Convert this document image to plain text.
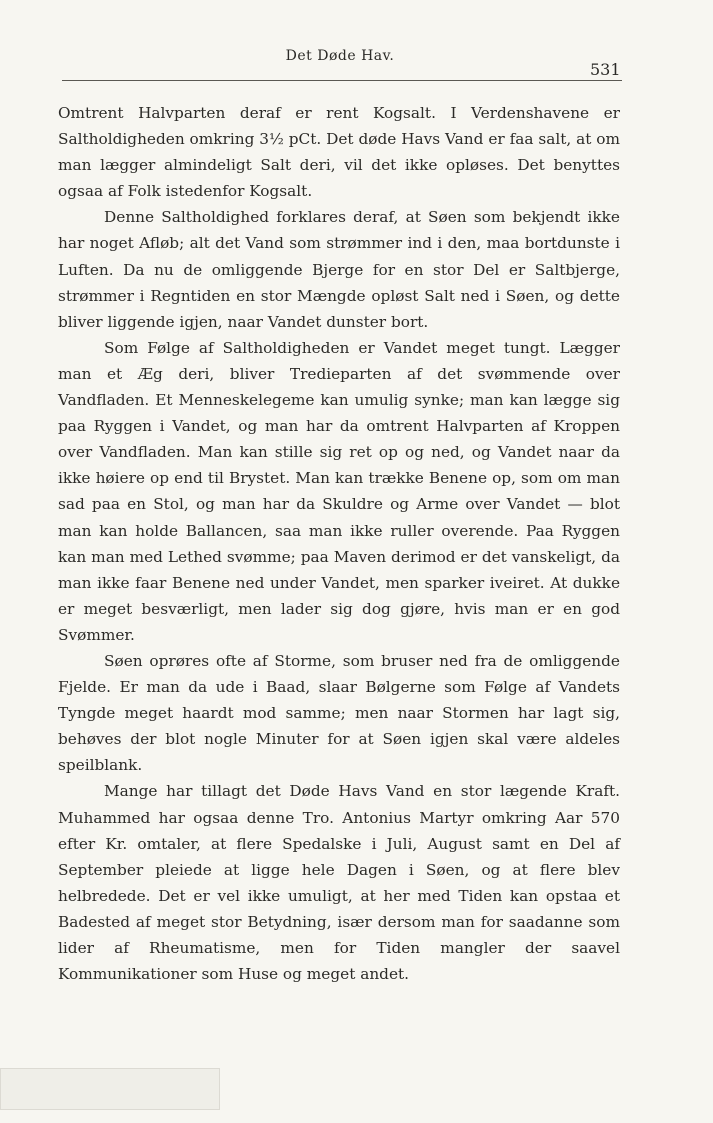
Det Døde Hav.
531

Omtrent Halvparten deraf er rent Kogsalt. I Verdenshavene er Saltholdigheden omkring 3½ pCt. Det døde Havs Vand er faa salt, at om man lægger almindeligt Salt deri, vil det ikke opløses. Det benyttes ogsaa af Folk istedenfor Kogsalt.

Denne Saltholdighed forklares deraf, at Søen som bekjendt ikke har noget Afløb; alt det Vand som strømmer ind i den, maa bortdunste i Luften. Da nu de omliggende Bjerge for en stor Del er Saltbjerge, strømmer i Regntiden en stor Mængde opløst Salt ned i Søen, og dette bliver liggende igjen, naar Vandet dunster bort.

Som Følge af Saltholdigheden er Vandet meget tungt. Lægger man et Æg deri, bliver Tredieparten af det svømmende over Vandfladen. Et Menneskelegeme kan umulig synke; man kan lægge sig paa Ryggen i Vandet, og man har da omtrent Halvparten af Kroppen over Vandfladen. Man kan stille sig ret op og ned, og Vandet naar da ikke høiere op end til Brystet. Man kan trække Benene op, som om man sad paa en Stol, og man har da Skuldre og Arme over Vandet — blot man kan holde Ballancen, saa man ikke ruller overende. Paa Ryggen kan man med Lethed svømme; paa Maven derimod er det vanskeligt, da man ikke faar Benene ned under Vandet, men sparker iveiret. At dukke er meget besværligt, men lader sig dog gjøre, hvis man er en god Svømmer.

Søen oprøres ofte af Storme, som bruser ned fra de omliggende Fjelde. Er man da ude i Baad, slaar Bølgerne som Følge af Vandets Tyngde meget haardt mod samme; men naar Stormen har lagt sig, behøves der blot nogle Minuter for at Søen igjen skal være aldeles speilblank.

Mange har tillagt det Døde Havs Vand en stor lægende Kraft. Muhammed har ogsaa denne Tro. Antonius Martyr omkring Aar 570 efter Kr. omtaler, at flere Spedalske i Juli, August samt en Del af September pleiede at ligge hele Dagen i Søen, og at flere blev helbredede. Det er vel ikke umuligt, at her med Tiden kan opstaa et Badested af meget stor Betydning, især dersom man for saadanne som lider af Rheumatisme, men for Tiden mangler der saavel Kommunikationer som Huse og meget andet.
